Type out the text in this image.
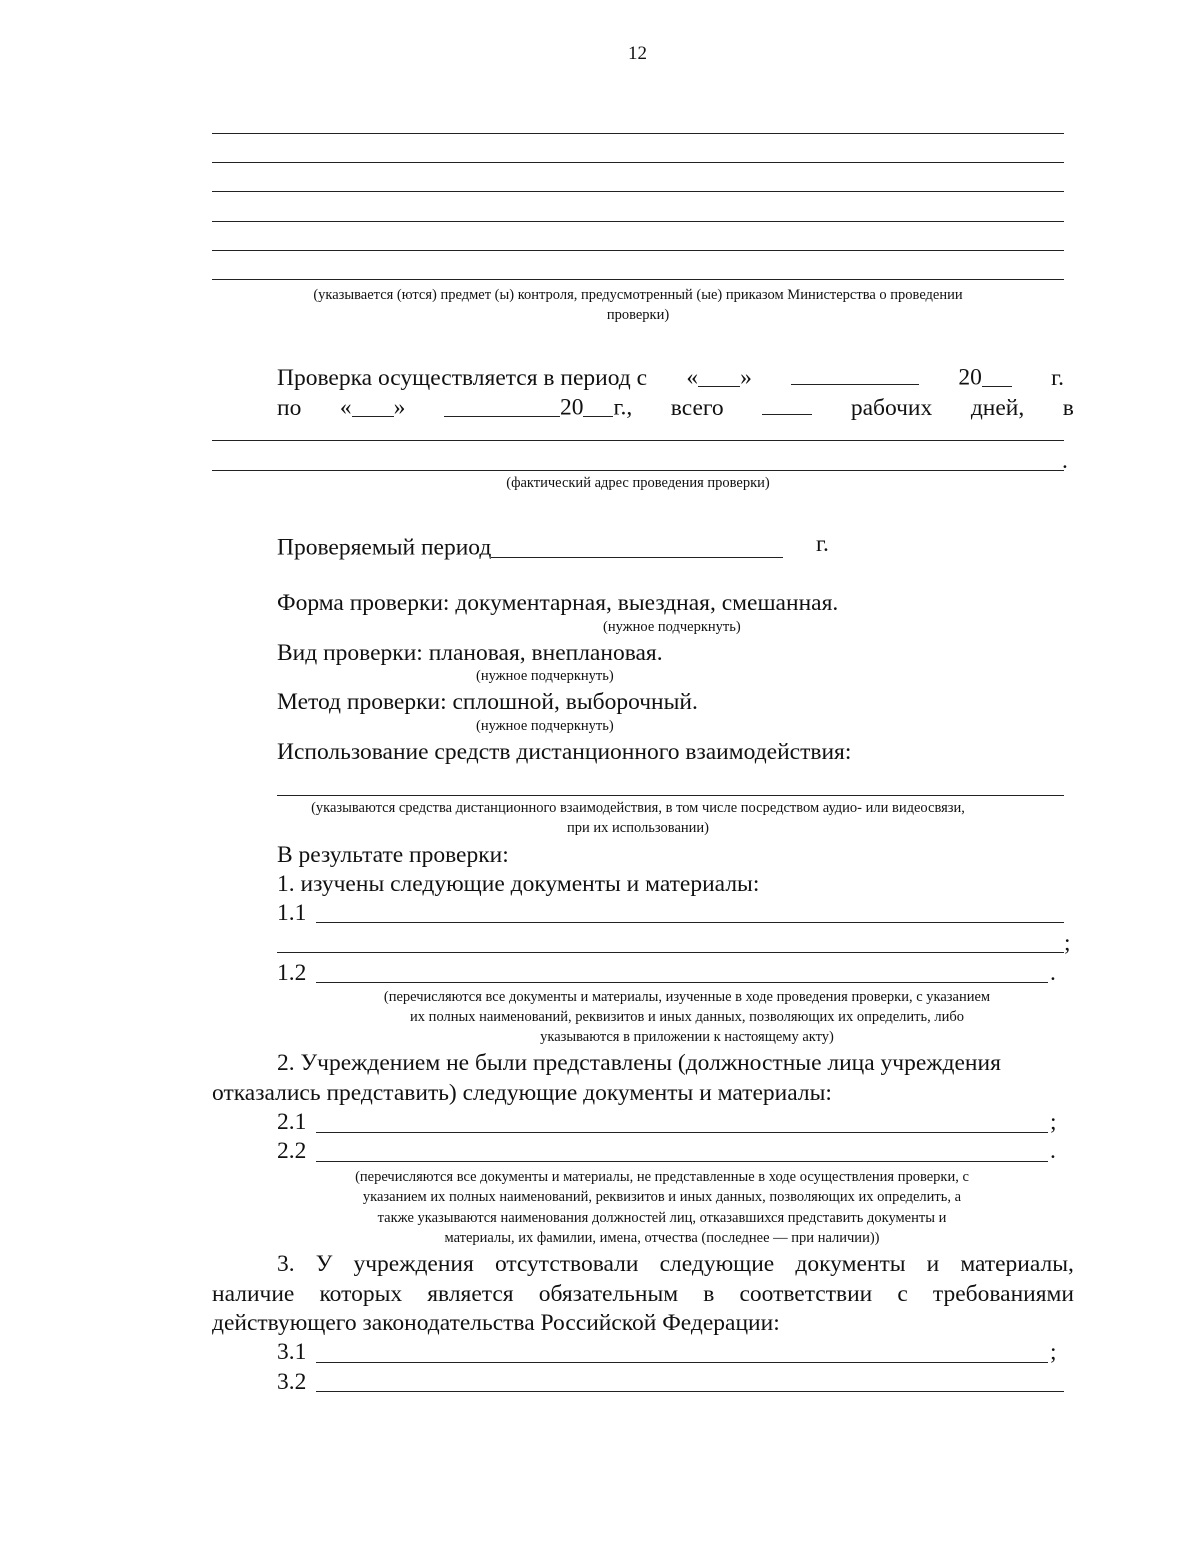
12
(указывается (ются) предмет (ы) контроля, предусмотренный (ые) приказом Министерства о проведении
проверки)
Проверка осуществляется в период с « »	20	г.
по « »	20 г., всего	рабочих дней, в
.
(фактический адрес проведения проверки)
Проверяемый период	г.
Форма проверки: документарная, выездная, смешанная.
(нужное подчеркнуть)
Вид проверки: плановая, внеплановая.
(нужное подчеркнуть)
Метод проверки: сплошной, выборочный.
(нужное подчеркнуть)
Использование средств дистанционного взаимодействия:
(указываются средства дистанционного взаимодействия, в том числе посредством аудио- или видеосвязи,
при их использовании)
В результате проверки:
1. изучены следующие документы и материалы:
1.1
;
1.2	.
(перечисляются все документы и материалы, изученные в ходе проведения проверки, с указанием
их полных наименований, реквизитов и иных данных, позволяющих их определить, либо
указываются в приложении к настоящему акту)
2. Учреждением не были представлены (должностные лица учреждения
отказались представить) следующие документы и материалы:
2.1	;
2.2	.
(перечисляются все документы и материалы, не представленные в ходе осуществления проверки, с
указанием их полных наименований, реквизитов и иных данных, позволяющих их определить, а
также указываются наименования должностей лиц, отказавшихся представить документы и
материалы, их фамилии, имена, отчества (последнее — при наличии))
3. У учреждения отсутствовали следующие документы и материалы,
наличие которых является обязательным в соответствии с требованиями
действующего законодательства Российской Федерации:
3.1	;
3.2
